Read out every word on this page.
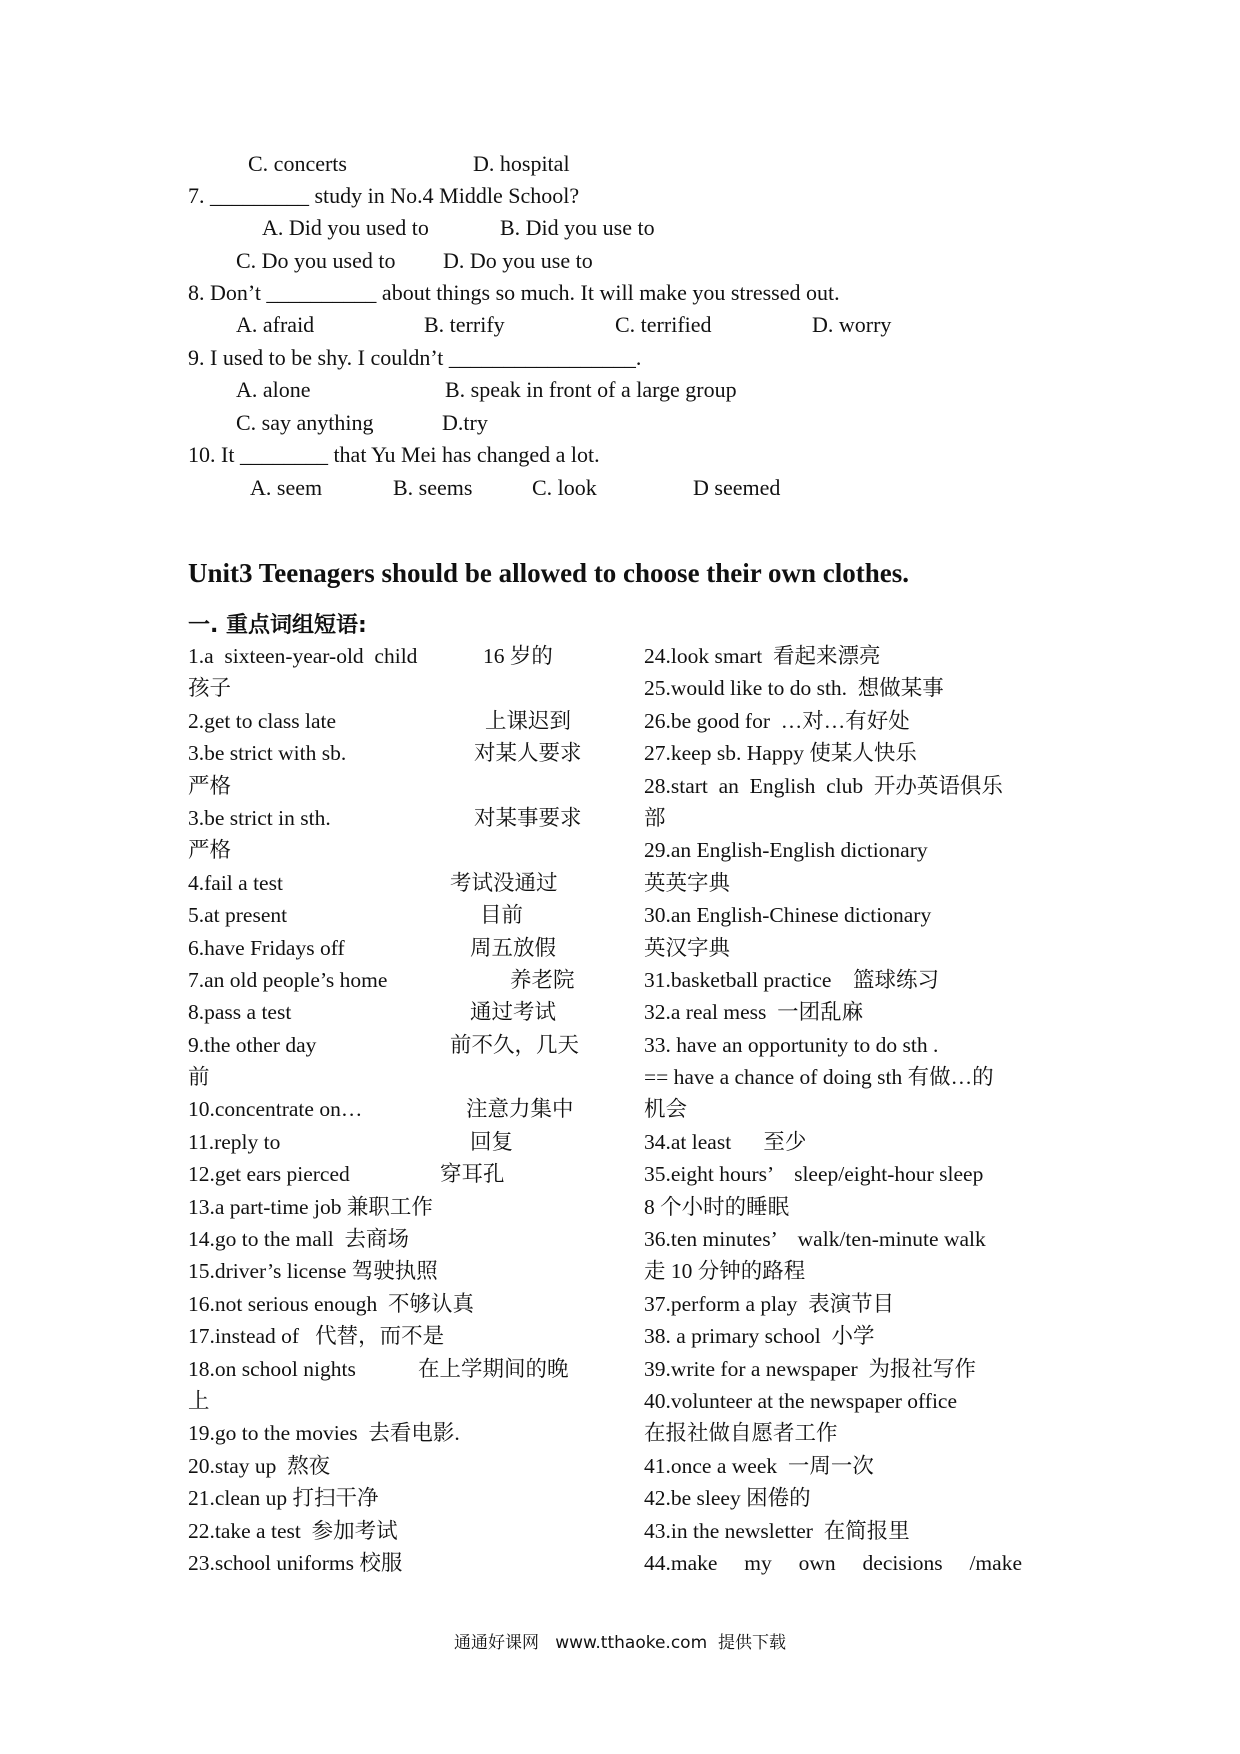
C. concerts	D. hospital
7. _________ study in No.4 Middle School?
A. Did you used to	B. Did you use to
C. Do you used to D. Do you use to
8. Don’t __________ about things so much. It will make you stressed out.
A. afraid	B. terrify	C. terrified	D. worry
9. I used to be shy. I couldn’t _________________.
A. alone	B. speak in front of a large group
C. say anything	D.try
10. It ________ that Yu Mei has changed a lot.
A. seem	B. seems	C. look	D seemed
Unit3 Teenagers should be allowed to choose their own clothes.
一. 重点词组短语:
1.a  sixteen-year-old  child	16 岁的
孩子
2.get to class late	上课迟到
3.be strict with sb.	对某人要求
严格
3.be strict in sth.	对某事要求
严格
4.fail a test	考试没通过
5.at present	目前
6.have Fridays off	周五放假
7.an old people’s home	养老院
8.pass a test	通过考试
9.the other day	前不久，几天
前
10.concentrate on…	注意力集中
11.reply to	回复
12.get ears pierced	穿耳孔
13.a part-time job 兼职工作
14.go to the mall  去商场
15.driver’s license 驾驶执照
16.not serious enough  不够认真
17.instead of   代替，而不是
18.on school nights	在上学期间的晚
上
19.go to the movies  去看电影.
20.stay up  熬夜
21.clean up 打扫干净
22.take a test  参加考试
23.school uniforms 校服
24.look smart  看起来漂亮
25.would like to do sth.  想做某事
26.be good for  …对…有好处
27.keep sb. Happy 使某人快乐
28.start  an  English  club  开办英语俱乐
部
29.an English-English dictionary
英英字典
30.an English-Chinese dictionary
英汉字典
31.basketball practice    篮球练习
32.a real mess  一团乱麻
33. have an opportunity to do sth .
== have a chance of doing sth 有做…的
机会
34.at least      至少
35.eight hours’    sleep/eight-hour sleep
8 个小时的睡眠
36.ten minutes’    walk/ten-minute walk
走 10 分钟的路程
37.perform a play  表演节目
38. a primary school  小学
39.write for a newspaper  为报社写作
40.volunteer at the newspaper office
在报社做自愿者工作
41.once a week  一周一次
42.be sleey 困倦的
43.in the newsletter  在简报里
44.make     my     own     decisions     /make
通通好课网   www.tthaoke.com  提供下载
